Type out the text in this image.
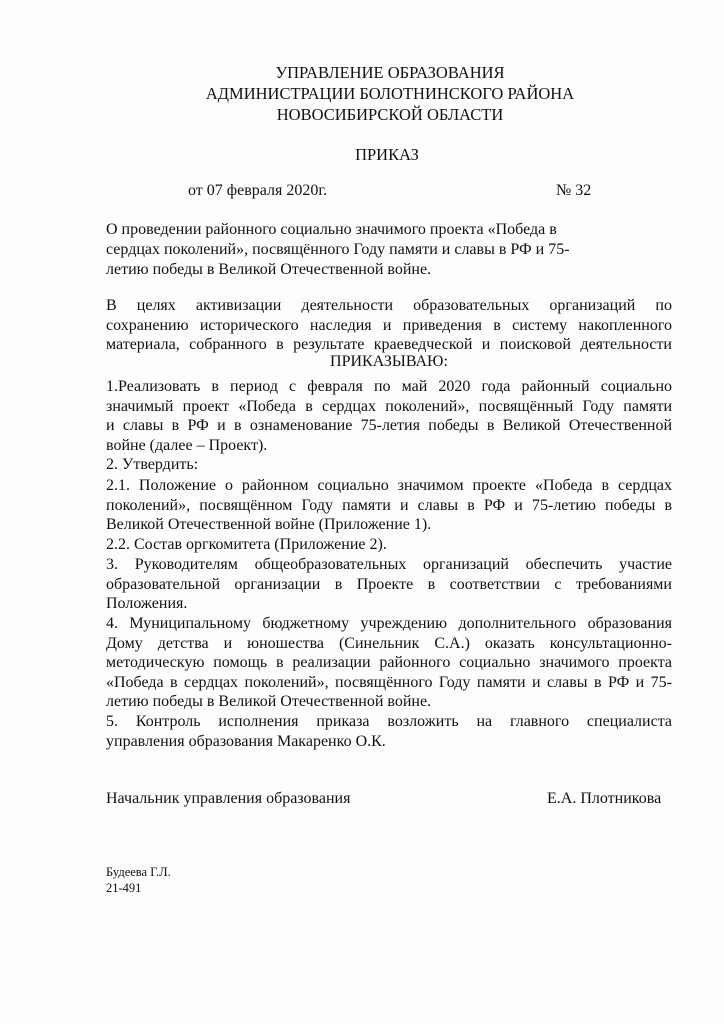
УПРАВЛЕНИЕ ОБРАЗОВАНИЯ
АДМИНИСТРАЦИИ БОЛОТНИНСКОГО РАЙОНА
НОВОСИБИРСКОЙ ОБЛАСТИ
ПРИКАЗ
от 07 февраля 2020г.	№ 32
О проведении районного социально значимого проекта «Победа в
сердцах поколений», посвящённого Году памяти и славы в РФ и 75-
летию победы в Великой Отечественной войне.
В целях активизации деятельности образовательных организаций по
сохранению исторического наследия и приведения в систему накопленного
материала, собранного в результате краеведческой и поисковой деятельности
ПРИКАЗЫВАЮ:
1.Реализовать в период с февраля по май 2020 года районный социально
значимый проект «Победа в сердцах поколений», посвящённый Году памяти
и славы в РФ и в ознаменование 75-летия победы в Великой Отечественной
войне (далее – Проект).
2. Утвердить:
2.1. Положение о районном социально значимом проекте «Победа в сердцах
поколений», посвящённом Году памяти и славы в РФ и 75-летию победы в
Великой Отечественной войне (Приложение 1).
2.2. Состав оргкомитета (Приложение 2).
3. Руководителям общеобразовательных организаций обеспечить участие
образовательной организации в Проекте в соответствии с требованиями
Положения.
4. Муниципальному бюджетному учреждению дополнительного образования
Дому детства и юношества (Синельник С.А.) оказать консультационно-
методическую помощь в реализации районного социально значимого проекта
«Победа в сердцах поколений», посвящённого Году памяти и славы в РФ и 75-
летию победы в Великой Отечественной войне.
5. Контроль исполнения приказа возложить на главного специалиста
управления образования Макаренко О.К.
Начальник управления образования	Е.А. Плотникова
Будеева Г.Л.
21-491
